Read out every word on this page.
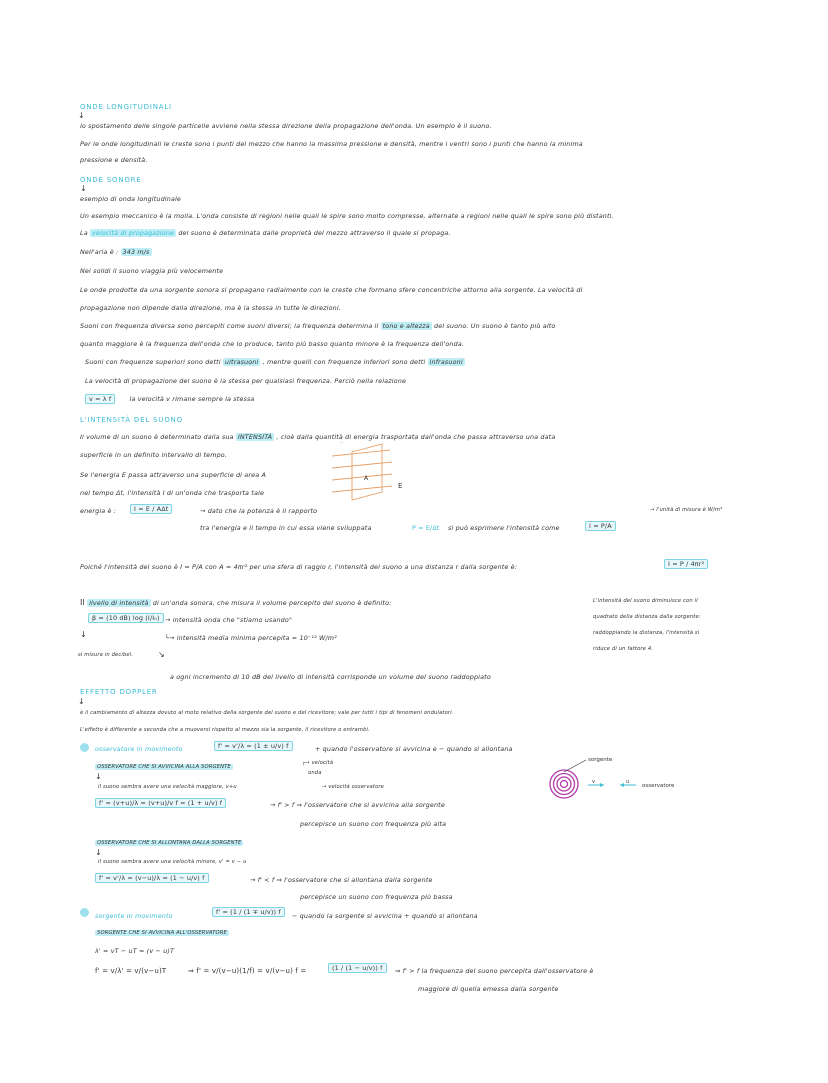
ONDE LONGITUDINALI
↓
lo spostamento delle singole particelle avviene nella stessa direzione della propagazione dell'onda. Un esempio è il suono.
Per le onde longitudinali le creste sono i punti del mezzo che hanno la massima pressione e densità, mentre i ventri sono i punti che hanno la minima
pressione e densità.
ONDE SONORE
↓
esempio di onda longitudinale
Un esempio meccanico è la molla. L'onda consiste di regioni nelle quali le spire sono molto compresse, alternate a regioni nelle quali le spire sono più distanti.
La velocità di propagazione del suono è determinata dalle proprietà del mezzo attraverso il quale si propaga.
Nell'aria è : 343 m/s
Nei solidi il suono viaggia più velocemente
Le onde prodotte da una sorgente sonora si propagano radialmente con le creste che formano sfere concentriche attorno alla sorgente. La velocità di
propagazione non dipende dalla direzione, ma è la stessa in tutte le direzioni.
Suoni con frequenza diversa sono percepiti come suoni diversi; la frequenza determina il tono e altezza del suono. Un suono è tanto più alto
quanto maggiore è la frequenza dell'onda che lo produce, tanto più basso quanto minore è la frequenza dell'onda.
Suoni con frequenze superiori sono detti ultrasuoni , mentre quelli con frequenze inferiori sono detti infrasuoni
La velocità di propagazione del suono è la stessa per qualsiasi frequenza. Perciò nella relazione
v = λ f	la velocità v rimane sempre la stessa
L'INTENSITÀ DEL SUONO
Il volume di un suono è determinato dalla sua INTENSITÀ , cioè dalla quantità di energia trasportata dall'onda che passa attraverso una data
superficie in un definito intervallo di tempo.
Se l'energia E passa attraverso una superficie di area A
nel tempo Δt, l'intensità I di un'onda che trasporta tale
energia è :	I = E / AΔt	→ dato che la potenza è il rapporto	→ l'unità di misura è W/m²
tra l'energia e il tempo in cui essa viene sviluppata	P = E/Δt si può esprimere l'intensità come	I = P/A
A
E
Poiché l'intensità del suono è I = P/A con A = 4πr² per una sfera di raggio r, l'intensità del suono a una distanza r dalla sorgente è:	I = P / 4πr²
Il livello di intensità di un'onda sonora, che misura il volume percepito del suono è definito:
β = (10 dB) log (I/I₀) → intensità onda che "stiamo usando"
└→ intensità media minima percepita = 10⁻¹² W/m²
↓
si misura in decibel.	↘
a ogni incremento di 10 dB del livello di intensità corrisponde un volume del suono raddoppiato
L'intensità del suono diminuisce con il
quadrato della distanza dalla sorgente:
raddoppiando la distanza, l'intensità si
riduce di un fattore 4.
EFFETTO DOPPLER
↓
è il cambiamento di altezza dovuto al moto relativo della sorgente del suono e del ricevitore; vale per tutti i tipi di fenomeni ondulatori.
L'effetto è differente a seconda che a muoversi rispetto al mezzo sia la sorgente, il ricevitore o entrambi.
osservatore in movimento	f' = v'/λ = (1 ± u/v) f	+ quando l'osservatore si avvicina e − quando si allontana
OSSERVATORE CHE SI AVVICINA ALLA SORGENTE
┌→ velocità
onda
↓
il suono sembra avere una velocità maggiore, v+u	→ velocità osservatore
f' = (v+u)/λ = (v+u)/v f = (1 + u/v) f	→ f' > f ⇒ l'osservatore che si avvicina alla sorgente
percepisce un suono con frequenza più alta
OSSERVATORE CHE SI ALLONTANA DALLA SORGENTE
↓
il suono sembra avere una velocità minore, v' = v − u
f' = v'/λ = (v−u)/λ = (1 − u/v) f	→ f' < f ⇒ l'osservatore che si allontana dalla sorgente
percepisce un suono con frequenza più bassa
sorgente in movimento	f' = (1 / (1 ∓ u/v)) f	− quando la sorgente si avvicina + quando si allontana
SORGENTE CHE SI AVVICINA ALL'OSSERVATORE
λ' = vT − uT = (v − u)T
f' = v/λ' = v/(v−u)T	⇒ f' = v/(v−u)(1/f) = v/(v−u) f =	(1 / (1 − u/v)) f	⇒ f' > f la frequenza del suono percepita dall'osservatore è
maggiore di quella emessa dalla sorgente
sorgente
v	u
osservatore
